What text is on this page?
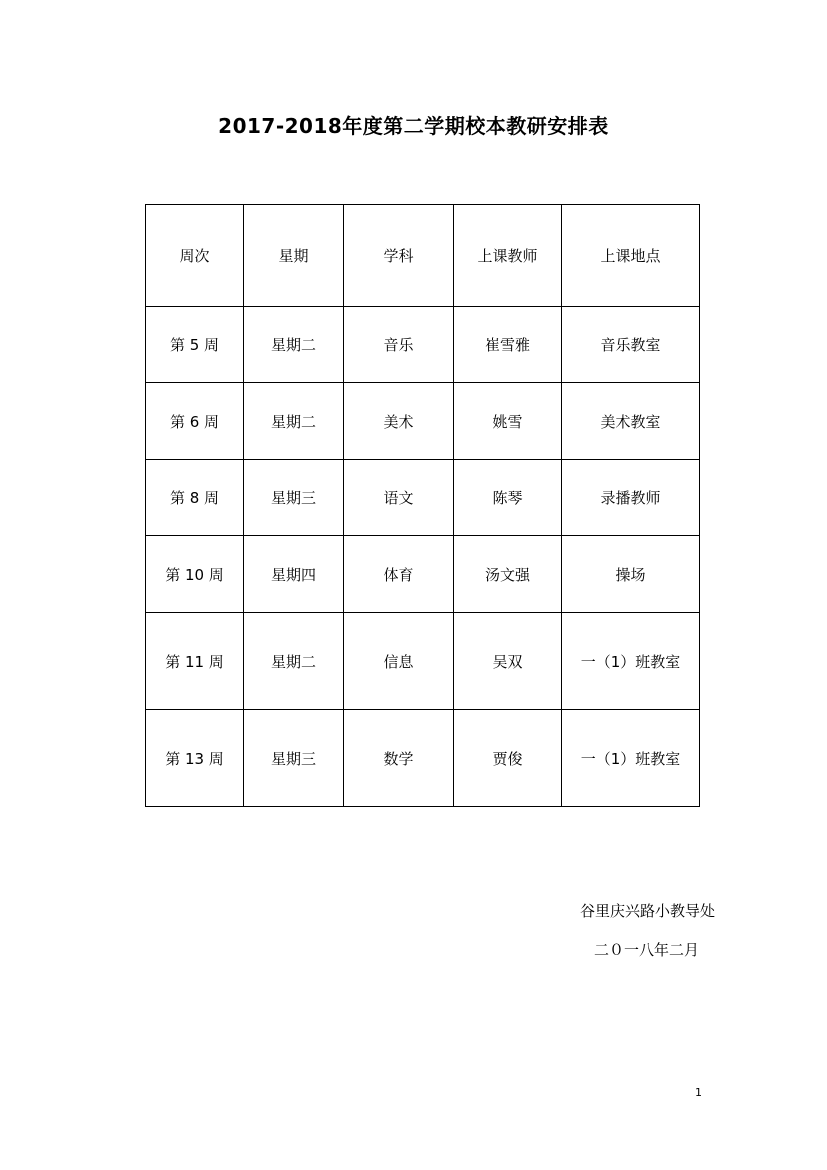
2017-2018年度第二学期校本教研安排表
周次	星期	学科	上课教师	上课地点
第 5 周	星期二	音乐	崔雪雅	音乐教室
第 6 周	星期二	美术	姚雪	美术教室
第 8 周	星期三	语文	陈琴	录播教师
第 10 周	星期四	体育	汤文强	操场
第 11 周	星期二	信息	吴双	一（1）班教室
第 13 周	星期三	数学	贾俊	一（1）班教室
谷里庆兴路小教导处
二０一八年二月
1
